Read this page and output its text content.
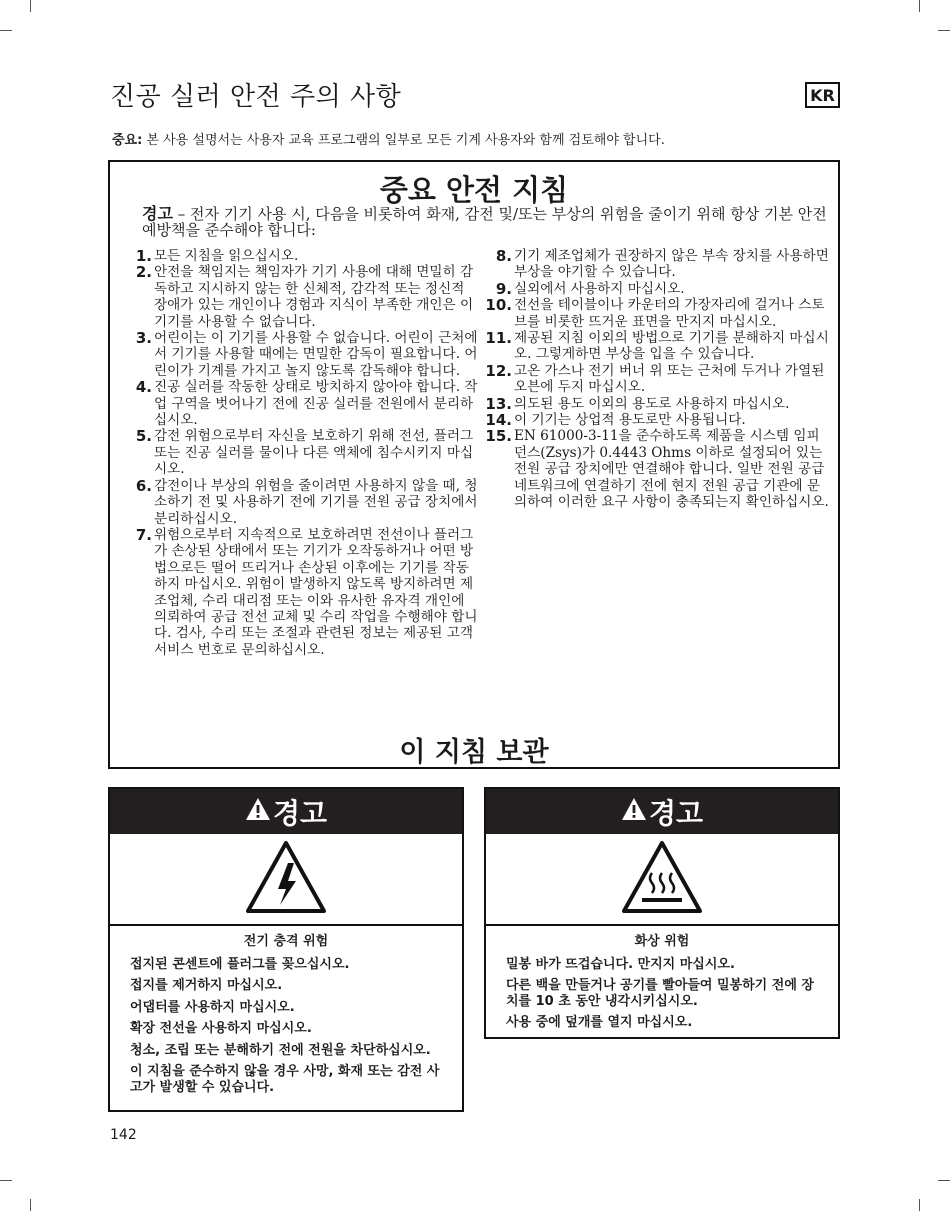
진공 실러 안전 주의 사항	KR

중요: 본 사용 설명서는 사용자 교육 프로그램의 일부로 모든 기계 사용자와 함께 검토해야 합니다.

중요 안전 지침

경고 – 전자 기기 사용 시, 다음을 비롯하여 화재, 감전 및/또는 부상의 위험을 줄이기 위해 항상 기본 안전 예방책을 준수해야 합니다:

1. 모든 지침을 읽으십시오.
2. 안전을 책임지는 책임자가 기기 사용에 대해 면밀히 감독하고 지시하지 않는 한 신체적, 감각적 또는 정신적 장애가 있는 개인이나 경험과 지식이 부족한 개인은 이 기기를 사용할 수 없습니다.
3. 어린이는 이 기기를 사용할 수 없습니다. 어린이 근처에서 기기를 사용할 때에는 면밀한 감독이 필요합니다. 어린이가 기계를 가지고 놀지 않도록 감독해야 합니다.
4. 진공 실러를 작동한 상태로 방치하지 않아야 합니다. 작업 구역을 벗어나기 전에 진공 실러를 전원에서 분리하십시오.
5. 감전 위험으로부터 자신을 보호하기 위해 전선, 플러그 또는 진공 실러를 물이나 다른 액체에 침수시키지 마십시오.
6. 감전이나 부상의 위험을 줄이려면 사용하지 않을 때, 청소하기 전 및 사용하기 전에 기기를 전원 공급 장치에서 분리하십시오.
7. 위험으로부터 지속적으로 보호하려면 전선이나 플러그가 손상된 상태에서 또는 기기가 오작동하거나 어떤 방법으로든 떨어 뜨리거나 손상된 이후에는 기기를 작동하지 마십시오. 위험이 발생하지 않도록 방지하려면 제조업체, 수리 대리점 또는 이와 유사한 유자격 개인에 의뢰하여 공급 전선 교체 및 수리 작업을 수행해야 합니다. 검사, 수리 또는 조절과 관련된 정보는 제공된 고객 서비스 번호로 문의하십시오.
8. 기기 제조업체가 권장하지 않은 부속 장치를 사용하면 부상을 야기할 수 있습니다.
9. 실외에서 사용하지 마십시오.
10. 전선을 테이블이나 카운터의 가장자리에 걸거나 스토브를 비롯한 뜨거운 표면을 만지지 마십시오.
11. 제공된 지침 이외의 방법으로 기기를 분해하지 마십시오. 그렇게하면 부상을 입을 수 있습니다.
12. 고온 가스나 전기 버너 위 또는 근처에 두거나 가열된 오븐에 두지 마십시오.
13. 의도된 용도 이외의 용도로 사용하지 마십시오.
14. 이 기기는 상업적 용도로만 사용됩니다.
15. EN 61000-3-11을 준수하도록 제품을 시스템 임피던스(Zsys)가 0.4443 Ohms 이하로 설정되어 있는 전원 공급 장치에만 연결해야 합니다. 일반 전원 공급 네트워크에 연결하기 전에 현지 전원 공급 기관에 문의하여 이러한 요구 사항이 충족되는지 확인하십시오.
이 지침 보관
경고
전기 충격 위험
접지된 콘센트에 플러그를 꽂으십시오.
접지를 제거하지 마십시오.
어댑터를 사용하지 마십시오.
확장 전선을 사용하지 마십시오.
청소, 조립 또는 분해하기 전에 전원을 차단하십시오.
이 지침을 준수하지 않을 경우 사망, 화재 또는 감전 사고가 발생할 수 있습니다.
경고
화상 위험
밀봉 바가 뜨겁습니다. 만지지 마십시오.
다른 백을 만들거나 공기를 빨아들여 밀봉하기 전에 장치를 10 초 동안 냉각시키십시오.
사용 중에 덮개를 열지 마십시오.
142
